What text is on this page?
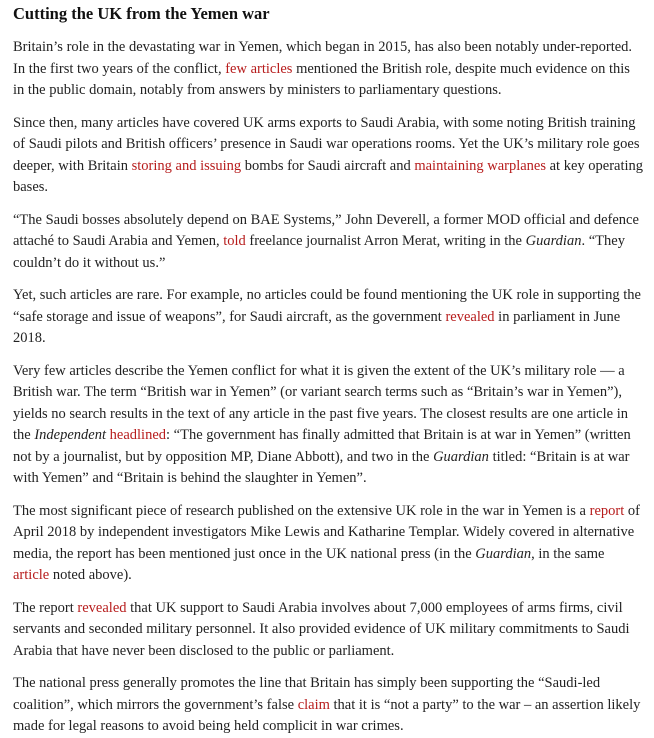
Cutting the UK from the Yemen war

Britain’s role in the devastating war in Yemen, which began in 2015, has also been notably under-reported. In the first two years of the conflict, few articles mentioned the British role, despite much evidence on this in the public domain, notably from answers by ministers to parliamentary questions.

Since then, many articles have covered UK arms exports to Saudi Arabia, with some noting British training of Saudi pilots and British officers’ presence in Saudi war operations rooms. Yet the UK’s military role goes deeper, with Britain storing and issuing bombs for Saudi aircraft and maintaining warplanes at key operating bases.

“The Saudi bosses absolutely depend on BAE Systems,” John Deverell, a former MOD official and defence attaché to Saudi Arabia and Yemen, told freelance journalist Arron Merat, writing in the Guardian. “They couldn’t do it without us.”

Yet, such articles are rare. For example, no articles could be found mentioning the UK role in supporting the “safe storage and issue of weapons”, for Saudi aircraft, as the government revealed in parliament in June 2018.

Very few articles describe the Yemen conflict for what it is given the extent of the UK’s military role — a British war. The term “British war in Yemen” (or variant search terms such as “Britain’s war in Yemen”), yields no search results in the text of any article in the past five years. The closest results are one article in the Independent headlined: “The government has finally admitted that Britain is at war in Yemen” (written not by a journalist, but by opposition MP, Diane Abbott), and two in the Guardian titled: “Britain is at war with Yemen” and “Britain is behind the slaughter in Yemen”.

The most significant piece of research published on the extensive UK role in the war in Yemen is a report of April 2018 by independent investigators Mike Lewis and Katharine Templar. Widely covered in alternative media, the report has been mentioned just once in the UK national press (in the Guardian, in the same article noted above).

The report revealed that UK support to Saudi Arabia involves about 7,000 employees of arms firms, civil servants and seconded military personnel. It also provided evidence of UK military commitments to Saudi Arabia that have never been disclosed to the public or parliament.

The national press generally promotes the line that Britain has simply been supporting the “Saudi-led coalition”, which mirrors the government’s false claim that it is “not a party” to the war – an assertion likely made for legal reasons to avoid being held complicit in war crimes.
